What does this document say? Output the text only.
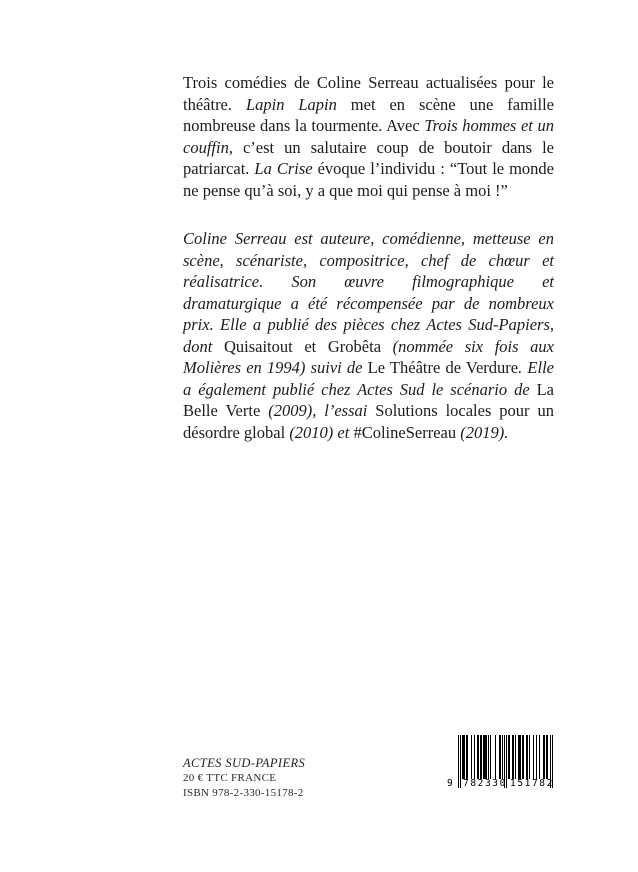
Trois comédies de Coline Serreau actualisées pour le théâtre. Lapin Lapin met en scène une famille nombreuse dans la tourmente. Avec Trois hommes et un couffin, c’est un salutaire coup de boutoir dans le patriarcat. La Crise évoque l’individu : “Tout le monde ne pense qu’à soi, y a que moi qui pense à moi !”

Coline Serreau est auteure, comédienne, metteuse en scène, scénariste, compositrice, chef de chœur et réalisatrice. Son œuvre filmographique et dramaturgique a été récompensée par de nombreux prix. Elle a publié des pièces chez Actes Sud-Papiers, dont Quisaitout et Grobêta (nommée six fois aux Molières en 1994) suivi de Le Théâtre de Verdure. Elle a également publié chez Actes Sud le scénario de La Belle Verte (2009), l’essai Solutions locales pour un désordre global (2010) et #ColineSerreau (2019).

ACTES SUD-PAPIERS
20 € TTC FRANCE
ISBN 978-2-330-15178-2
9 782330 151782
